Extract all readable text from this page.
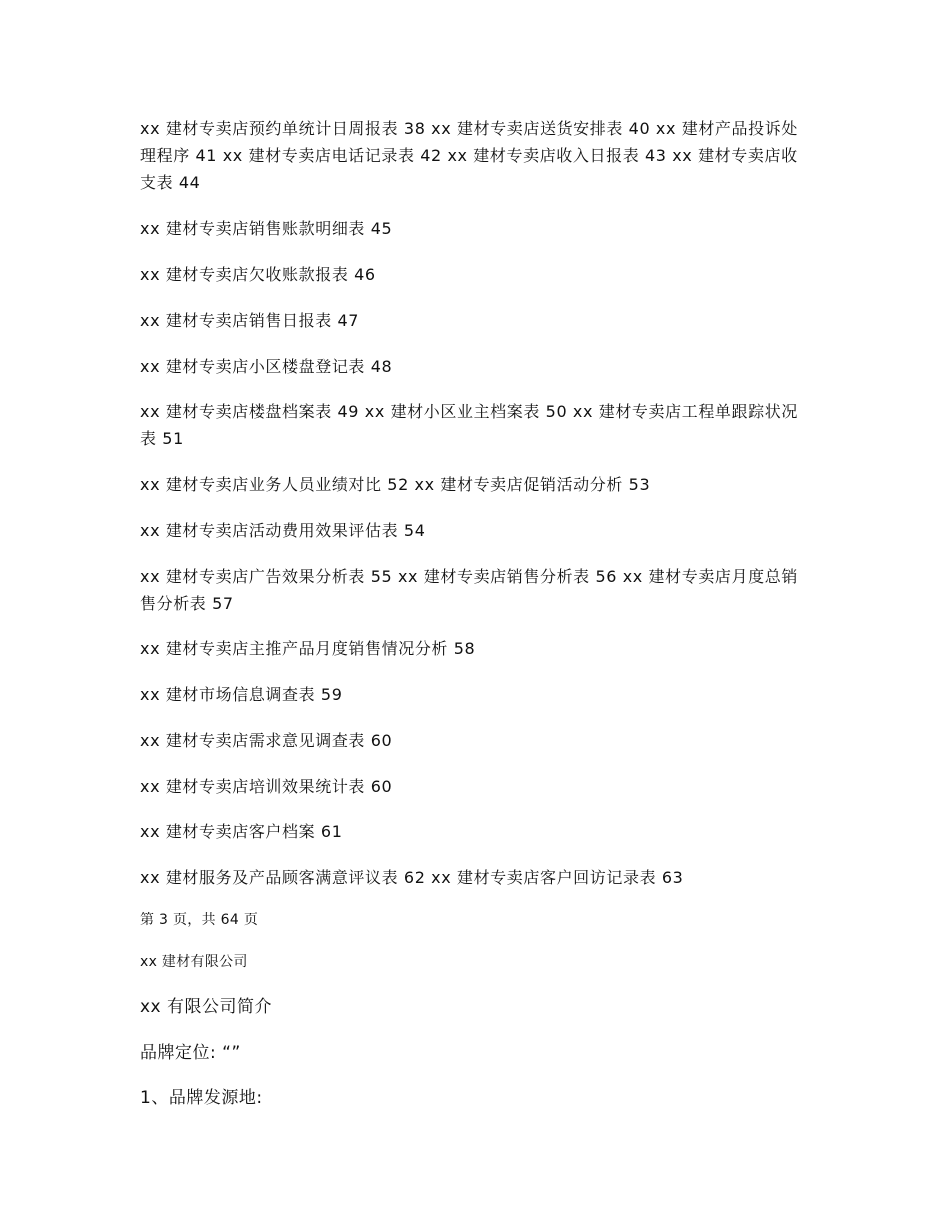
xx 建材专卖店预约单统计日周报表 38 xx 建材专卖店送货安排表 40 xx 建材产品投诉处理程序 41 xx 建材专卖店电话记录表 42 xx 建材专卖店收入日报表 43 xx 建材专卖店收支表 44

xx 建材专卖店销售账款明细表 45

xx 建材专卖店欠收账款报表 46

xx 建材专卖店销售日报表 47

xx 建材专卖店小区楼盘登记表 48

xx 建材专卖店楼盘档案表 49 xx 建材小区业主档案表 50 xx 建材专卖店工程单跟踪状况表 51

xx 建材专卖店业务人员业绩对比 52 xx 建材专卖店促销活动分析 53

xx 建材专卖店活动费用效果评估表 54

xx 建材专卖店广告效果分析表 55 xx 建材专卖店销售分析表 56 xx 建材专卖店月度总销售分析表 57

xx 建材专卖店主推产品月度销售情况分析 58

xx 建材市场信息调查表 59

xx 建材专卖店需求意见调查表 60

xx 建材专卖店培训效果统计表 60

xx 建材专卖店客户档案 61

xx 建材服务及产品顾客满意评议表 62 xx 建材专卖店客户回访记录表 63

第 3 页，共 64 页

xx 建材有限公司

xx 有限公司简介

品牌定位: “”

1、品牌发源地:
